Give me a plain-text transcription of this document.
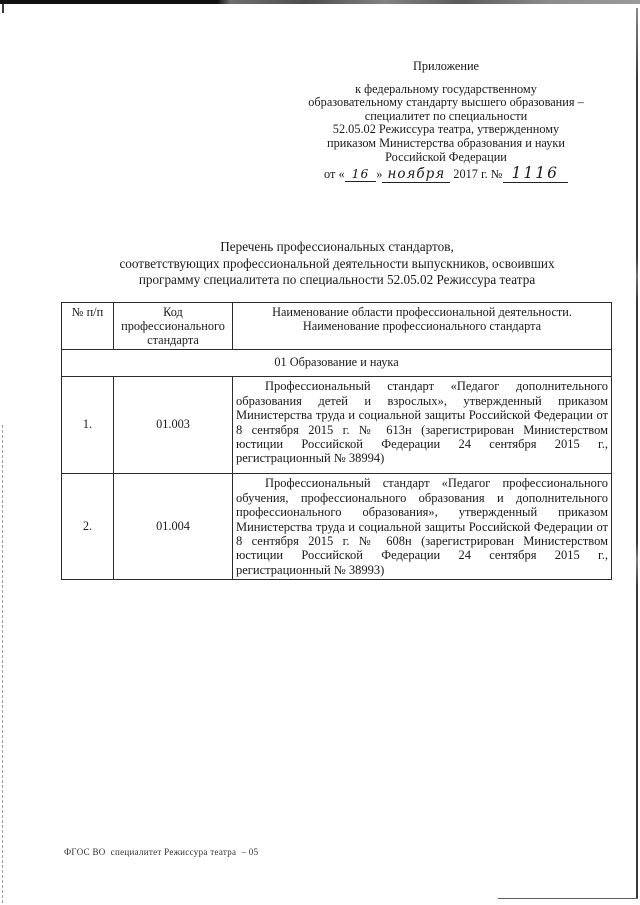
Приложение
к федеральному государственному
образовательному стандарту высшего образования –
специалитет по специальности
52.05.02 Режиссура театра, утвержденному
приказом Министерства образования и науки
Российской Федерации
от « 16 » ноября 2017 г. № 1116
Перечень профессиональных стандартов,
соответствующих профессиональной деятельности выпускников, освоивших
программу специалитета по специальности 52.05.02 Режиссура театра
№ п/п	Код профессионального стандарта	Наименование области профессиональной деятельности. Наименование профессионального стандарта
01 Образование и наука		
1.	01.003	Профессиональный стандарт «Педагог дополнительного образования детей и взрослых», утвержденный приказом Министерства труда и социальной защиты Российской Федерации от 8 сентября 2015 г. № 613н (зарегистрирован Министерством юстиции Российской Федерации 24 сентября 2015 г., регистрационный № 38994)
2.	01.004	Профессиональный стандарт «Педагог профессионального обучения, профессионального образования и дополнительного профессионального образования», утвержденный приказом Министерства труда и социальной защиты Российской Федерации от 8 сентября 2015 г. № 608н (зарегистрирован Министерством юстиции Российской Федерации 24 сентября 2015 г., регистрационный № 38993)
ФГОС ВО  специалитет Режиссура театра  – 05
